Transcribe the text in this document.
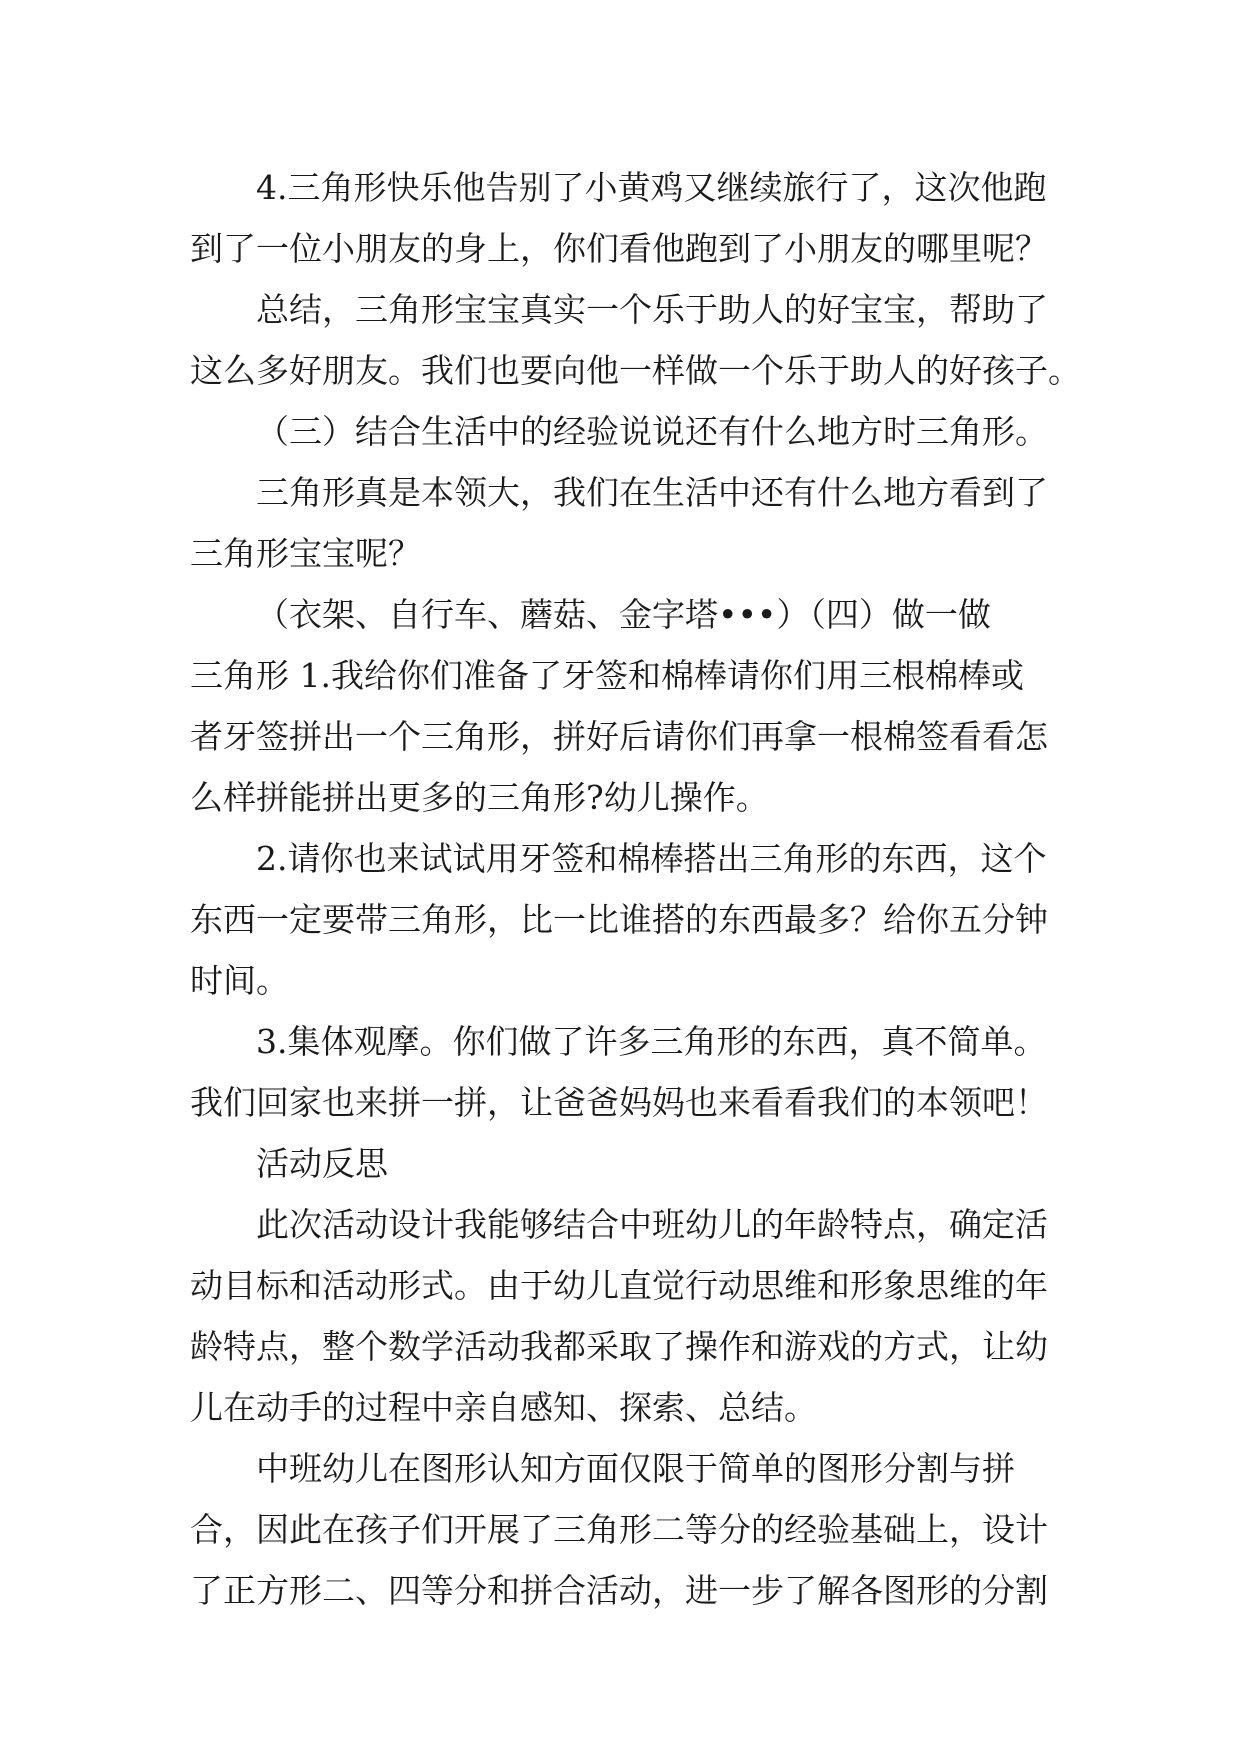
4.三角形快乐他告别了小黄鸡又继续旅行了，这次他跑
到了一位小朋友的身上，你们看他跑到了小朋友的哪里呢？
总结，三角形宝宝真实一个乐于助人的好宝宝，帮助了
这么多好朋友。我们也要向他一样做一个乐于助人的好孩子。
（三）结合生活中的经验说说还有什么地方时三角形。
三角形真是本领大，我们在生活中还有什么地方看到了
三角形宝宝呢？
（衣架、自行车、蘑菇、金字塔•••）（四）做一做
三角形 1.我给你们准备了牙签和棉棒请你们用三根棉棒或
者牙签拼出一个三角形，拼好后请你们再拿一根棉签看看怎
么样拼能拼出更多的三角形?幼儿操作。
2.请你也来试试用牙签和棉棒搭出三角形的东西，这个
东西一定要带三角形，比一比谁搭的东西最多？给你五分钟
时间。
3.集体观摩。你们做了许多三角形的东西，真不简单。
我们回家也来拼一拼，让爸爸妈妈也来看看我们的本领吧！
活动反思
此次活动设计我能够结合中班幼儿的年龄特点，确定活
动目标和活动形式。由于幼儿直觉行动思维和形象思维的年
龄特点，整个数学活动我都采取了操作和游戏的方式，让幼
儿在动手的过程中亲自感知、探索、总结。
中班幼儿在图形认知方面仅限于简单的图形分割与拼
合，因此在孩子们开展了三角形二等分的经验基础上，设计
了正方形二、四等分和拼合活动，进一步了解各图形的分割
